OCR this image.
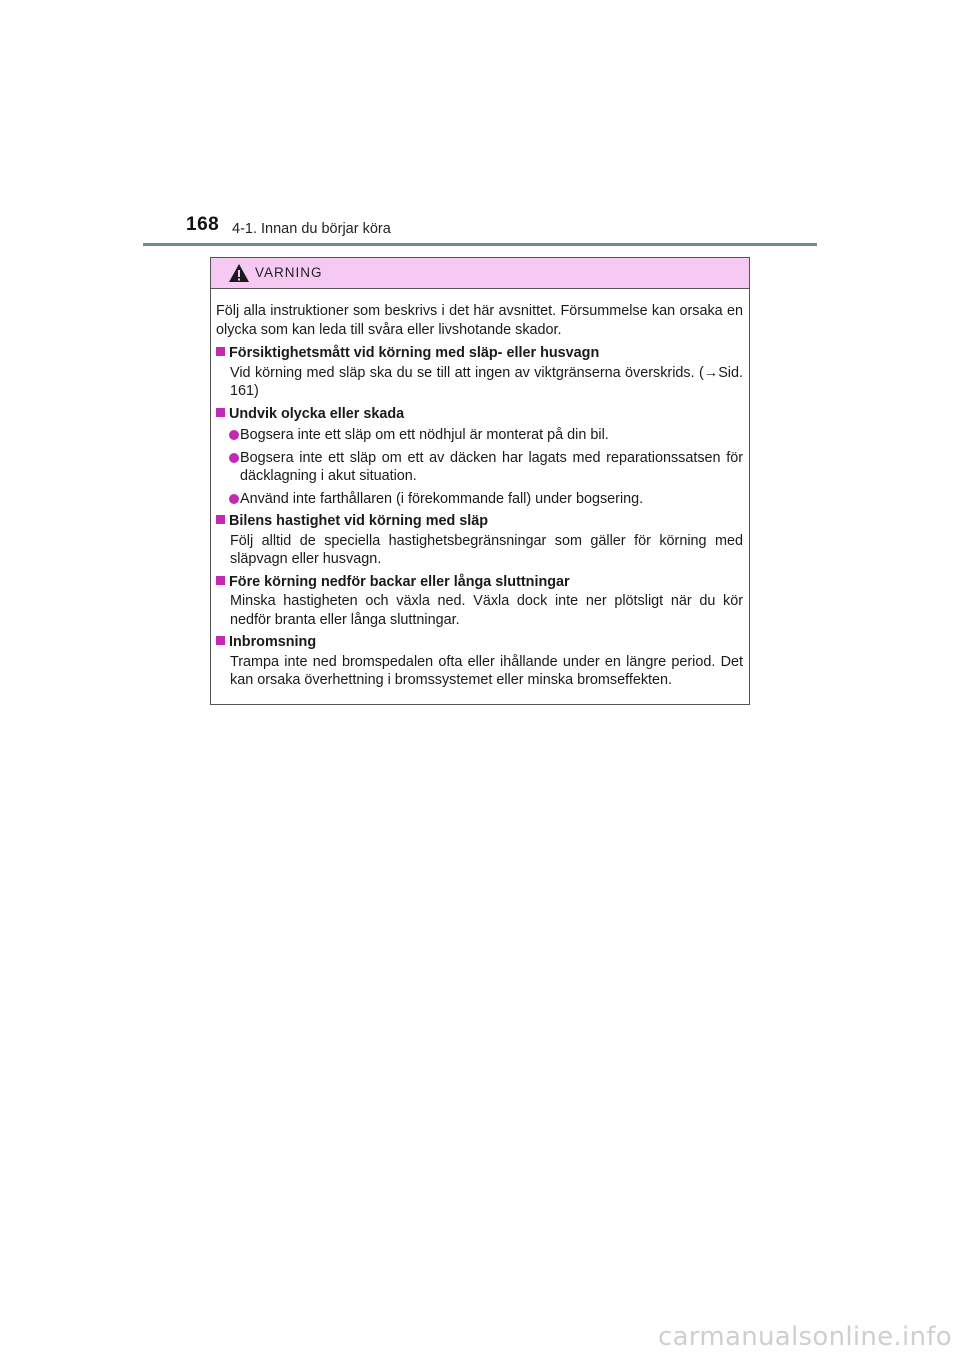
168 4-1. Innan du börjar köra
VARNING

Följ alla instruktioner som beskrivs i det här avsnittet. Försummelse kan orsaka en olycka som kan leda till svåra eller livshotande skador.

Försiktighetsmått vid körning med släp- eller husvagn
Vid körning med släp ska du se till att ingen av viktgränserna överskrids. (→Sid. 161)
Undvik olycka eller skada
Bogsera inte ett släp om ett nödhjul är monterat på din bil.
Bogsera inte ett släp om ett av däcken har lagats med reparationssatsen för däcklagning i akut situation.
Använd inte farthållaren (i förekommande fall) under bogsering.
Bilens hastighet vid körning med släp
Följ alltid de speciella hastighetsbegränsningar som gäller för körning med släpvagn eller husvagn.
Före körning nedför backar eller långa sluttningar
Minska hastigheten och växla ned. Växla dock inte ner plötsligt när du kör nedför branta eller långa sluttningar.
Inbromsning
Trampa inte ned bromspedalen ofta eller ihållande under en längre period. Det kan orsaka överhettning i bromssystemet eller minska bromseffekten.
carmanualsonline.info
